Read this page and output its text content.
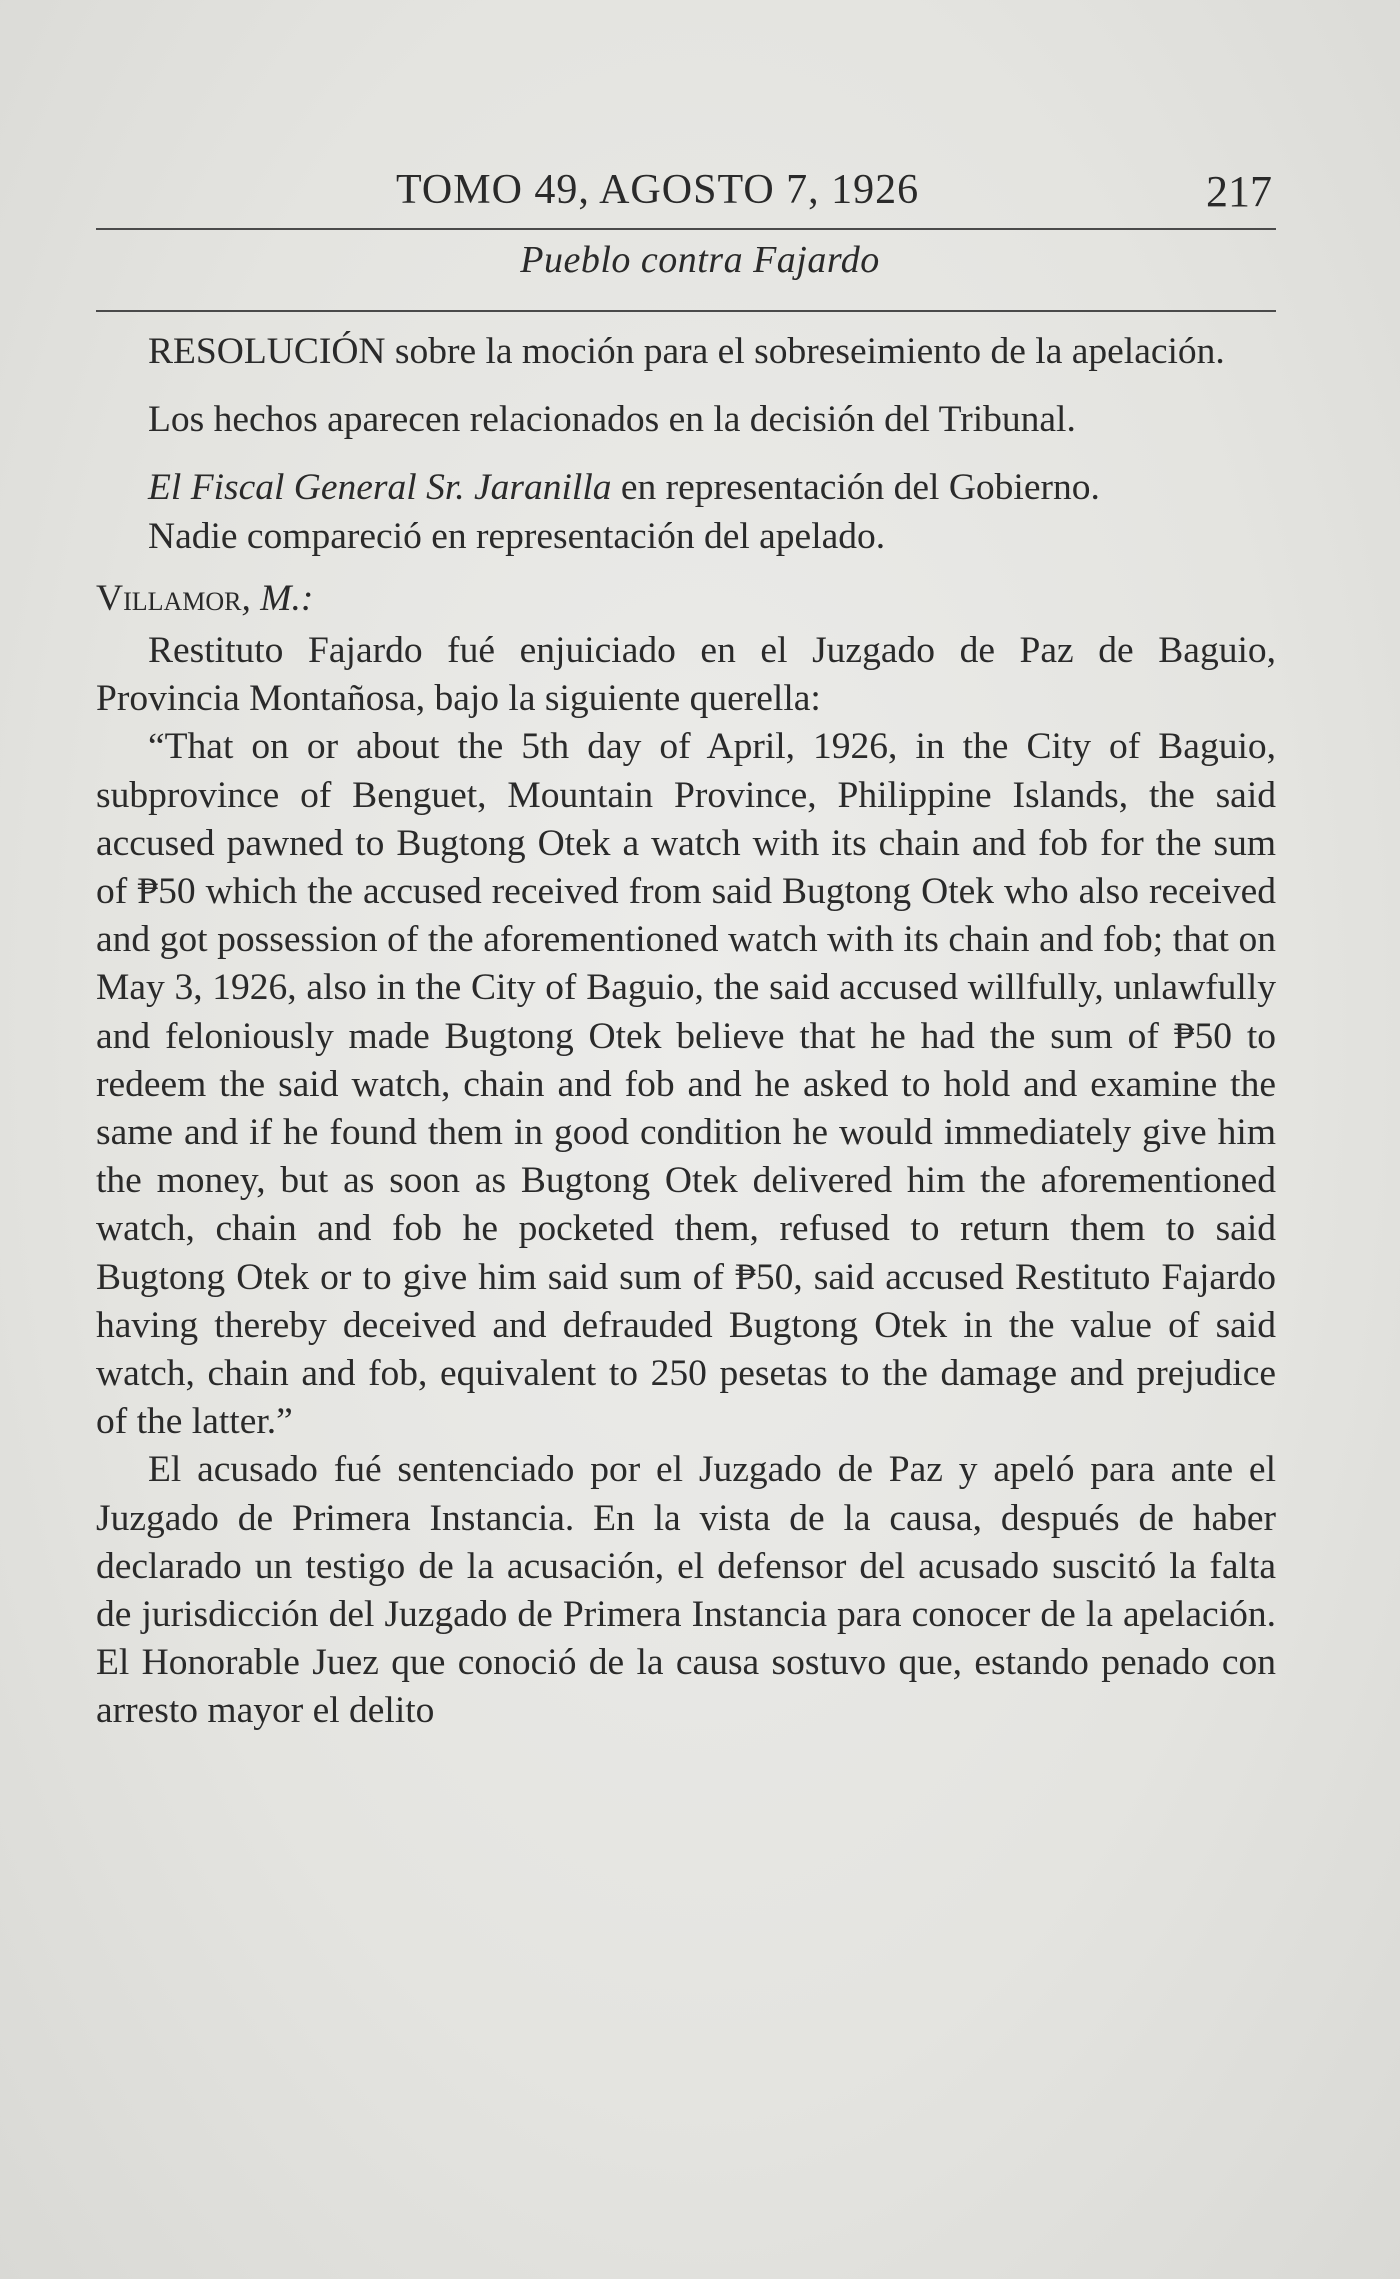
TOMO 49, AGOSTO 7, 1926	217
Pueblo contra Fajardo

RESOLUCIÓN sobre la moción para el sobreseimiento de la apelación.

Los hechos aparecen relacionados en la decisión del Tribunal.

El Fiscal General Sr. Jaranilla en representación del Gobierno.

Nadie compareció en representación del apelado.

Villamor, M.:

Restituto Fajardo fué enjuiciado en el Juzgado de Paz de Baguio, Provincia Montañosa, bajo la siguiente querella:

“That on or about the 5th day of April, 1926, in the City of Baguio, subprovince of Benguet, Mountain Province, Philippine Islands, the said accused pawned to Bugtong Otek a watch with its chain and fob for the sum of ₱50 which the accused received from said Bugtong Otek who also received and got possession of the aforementioned watch with its chain and fob; that on May 3, 1926, also in the City of Baguio, the said accused willfully, unlawfully and feloniously made Bugtong Otek believe that he had the sum of ₱50 to redeem the said watch, chain and fob and he asked to hold and examine the same and if he found them in good condition he would immediately give him the money, but as soon as Bugtong Otek delivered him the aforementioned watch, chain and fob he pocketed them, refused to return them to said Bugtong Otek or to give him said sum of ₱50, said accused Restituto Fajardo having thereby deceived and defrauded Bugtong Otek in the value of said watch, chain and fob, equivalent to 250 pesetas to the damage and prejudice of the latter.”

El acusado fué sentenciado por el Juzgado de Paz y apeló para ante el Juzgado de Primera Instancia. En la vista de la causa, después de haber declarado un testigo de la acusación, el defensor del acusado suscitó la falta de jurisdicción del Juzgado de Primera Instancia para conocer de la apelación. El Honorable Juez que conoció de la causa sostuvo que, estando penado con arresto mayor el delito
